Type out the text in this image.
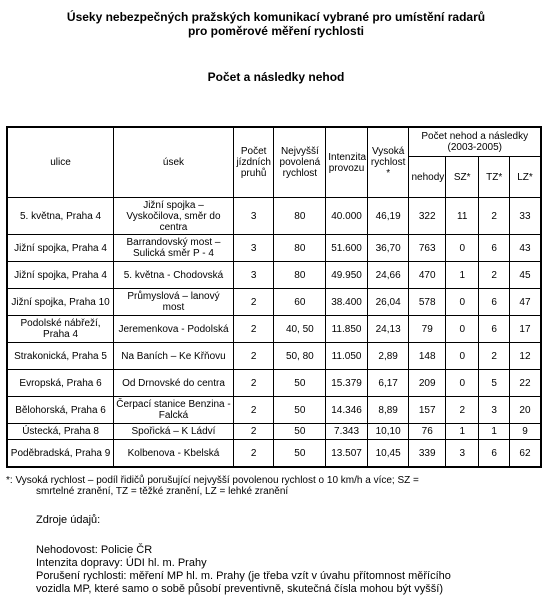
Úseky nebezpečných pražských komunikací vybrané pro umístění radarů
pro poměrové měření rychlosti
Počet a následky nehod
ulice	úsek	Počet jízdních pruhů	Nejvyšší povolená rychlost	Intenzita provozu	Vysoká rychlost *	Počet nehod a následky (2003-2005)			
						nehody	SZ*	TZ*	LZ*
5. května, Praha 4	Jižní spojka – Vyskočilova, směr do centra	3	80	40.000	46,19	322	11	2	33
Jižní spojka, Praha 4	Barrandovský most – Sulická směr P - 4	3	80	51.600	36,70	763	0	6	43
Jižní spojka, Praha 4	5. května - Chodovská	3	80	49.950	24,66	470	1	2	45
Jižní spojka, Praha 10	Průmyslová – lanový most	2	60	38.400	26,04	578	0	6	47
Podolské nábřeží, Praha 4	Jeremenkova - Podolská	2	40, 50	11.850	24,13	79	0	6	17
Strakonická, Praha 5	Na Baních – Ke Křňovu	2	50, 80	11.050	2,89	148	0	2	12
Evropská, Praha 6	Od Drnovské do centra	2	50	15.379	6,17	209	0	5	22
Bělohorská, Praha 6	Čerpací stanice Benzina - Falcká	2	50	14.346	8,89	157	2	3	20
Ústecká, Praha 8	Spořická – K Ládví	2	50	7.343	10,10	76	1	1	9
Poděbradská, Praha 9	Kolbenova - Kbelská	2	50	13.507	10,45	339	3	6	62
*: Vysoká rychlost – podíl řidičů porušující nejvyšší povolenou rychlost o 10 km/h a více; SZ =
smrtelné zranění, TZ = těžké zranění, LZ = lehké zranění
Zdroje údajů:
Nehodovost: Policie ČR
Intenzita dopravy: ÚDI hl. m. Prahy
Porušení rychlosti: měření MP hl. m. Prahy (je třeba vzít v úvahu přítomnost měřícího
vozidla MP, které samo o sobě působí preventivně, skutečná čísla mohou být vyšší)
